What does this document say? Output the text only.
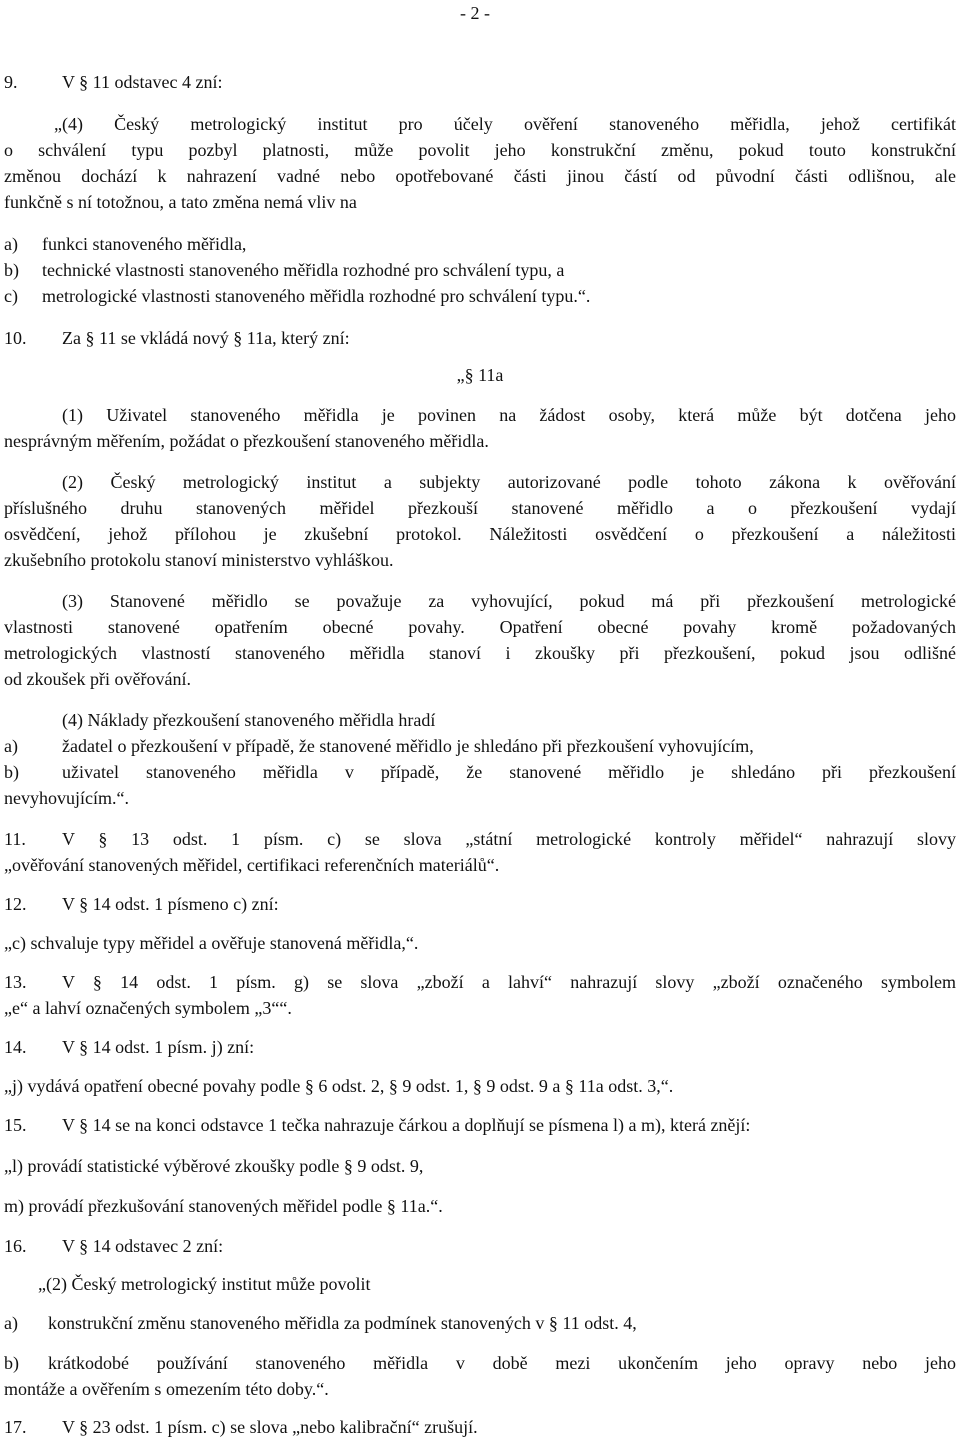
- 2 -
9. V § 11 odstavec 4 zní:
„(4) Český metrologický institut pro účely ověření stanoveného měřidla, jehož certifikát
o schválení typu pozbyl platnosti, může povolit jeho konstrukční změnu, pokud touto konstrukční
změnou dochází k nahrazení vadné nebo opotřebované části jinou částí od původní části odlišnou, ale
funkčně s ní totožnou, a tato změna nemá vliv na
a) funkci stanoveného měřidla,
b) technické vlastnosti stanoveného měřidla rozhodné pro schválení typu, a
c) metrologické vlastnosti stanoveného měřidla rozhodné pro schválení typu.“.
10. Za § 11 se vkládá nový § 11a, který zní:
„§ 11a
(1) Uživatel stanoveného měřidla je povinen na žádost osoby, která může být dotčena jeho
nesprávným měřením, požádat o přezkoušení stanoveného měřidla.
(2) Český metrologický institut a subjekty autorizované podle tohoto zákona k ověřování
příslušného druhu stanovených měřidel přezkouší stanovené měřidlo a o přezkoušení vydají
osvědčení, jehož přílohou je zkušební protokol. Náležitosti osvědčení o přezkoušení a náležitosti
zkušebního protokolu stanoví ministerstvo vyhláškou.
(3) Stanovené měřidlo se považuje za vyhovující, pokud má při přezkoušení metrologické
vlastnosti stanovené opatřením obecné povahy. Opatření obecné povahy kromě požadovaných
metrologických vlastností stanoveného měřidla stanoví i zkoušky při přezkoušení, pokud jsou odlišné
od zkoušek při ověřování.
(4) Náklady přezkoušení stanoveného měřidla hradí
a) žadatel o přezkoušení v případě, že stanovené měřidlo je shledáno při přezkoušení vyhovujícím,
b) uživatel stanoveného měřidla v případě, že stanovené měřidlo je shledáno při přezkoušení
nevyhovujícím.“.
11. V § 13 odst. 1 písm. c) se slova „státní metrologické kontroly měřidel“ nahrazují slovy
„ověřování stanovených měřidel, certifikaci referenčních materiálů“.
12. V § 14 odst. 1 písmeno c) zní:
„c) schvaluje typy měřidel a ověřuje stanovená měřidla,“.
13. V § 14 odst. 1 písm. g) se slova „zboží a lahví“ nahrazují slovy „zboží označeného symbolem
„e“ a lahví označených symbolem „3““.
14. V § 14 odst. 1 písm. j) zní:
„j) vydává opatření obecné povahy podle § 6 odst. 2, § 9 odst. 1, § 9 odst. 9 a § 11a odst. 3,“.
15. V § 14 se na konci odstavce 1 tečka nahrazuje čárkou a doplňují se písmena l) a m), která znějí:
„l) provádí statistické výběrové zkoušky podle § 9 odst. 9,
m) provádí přezkušování stanovených měřidel podle § 11a.“.
16. V § 14 odstavec 2 zní:
„(2) Český metrologický institut může povolit
a) konstrukční změnu stanoveného měřidla za podmínek stanovených v § 11 odst. 4,
b) krátkodobé používání stanoveného měřidla v době mezi ukončením jeho opravy nebo jeho
montáže a ověřením s omezením této doby.“.
17. V § 23 odst. 1 písm. c) se slova „nebo kalibrační“ zrušují.
